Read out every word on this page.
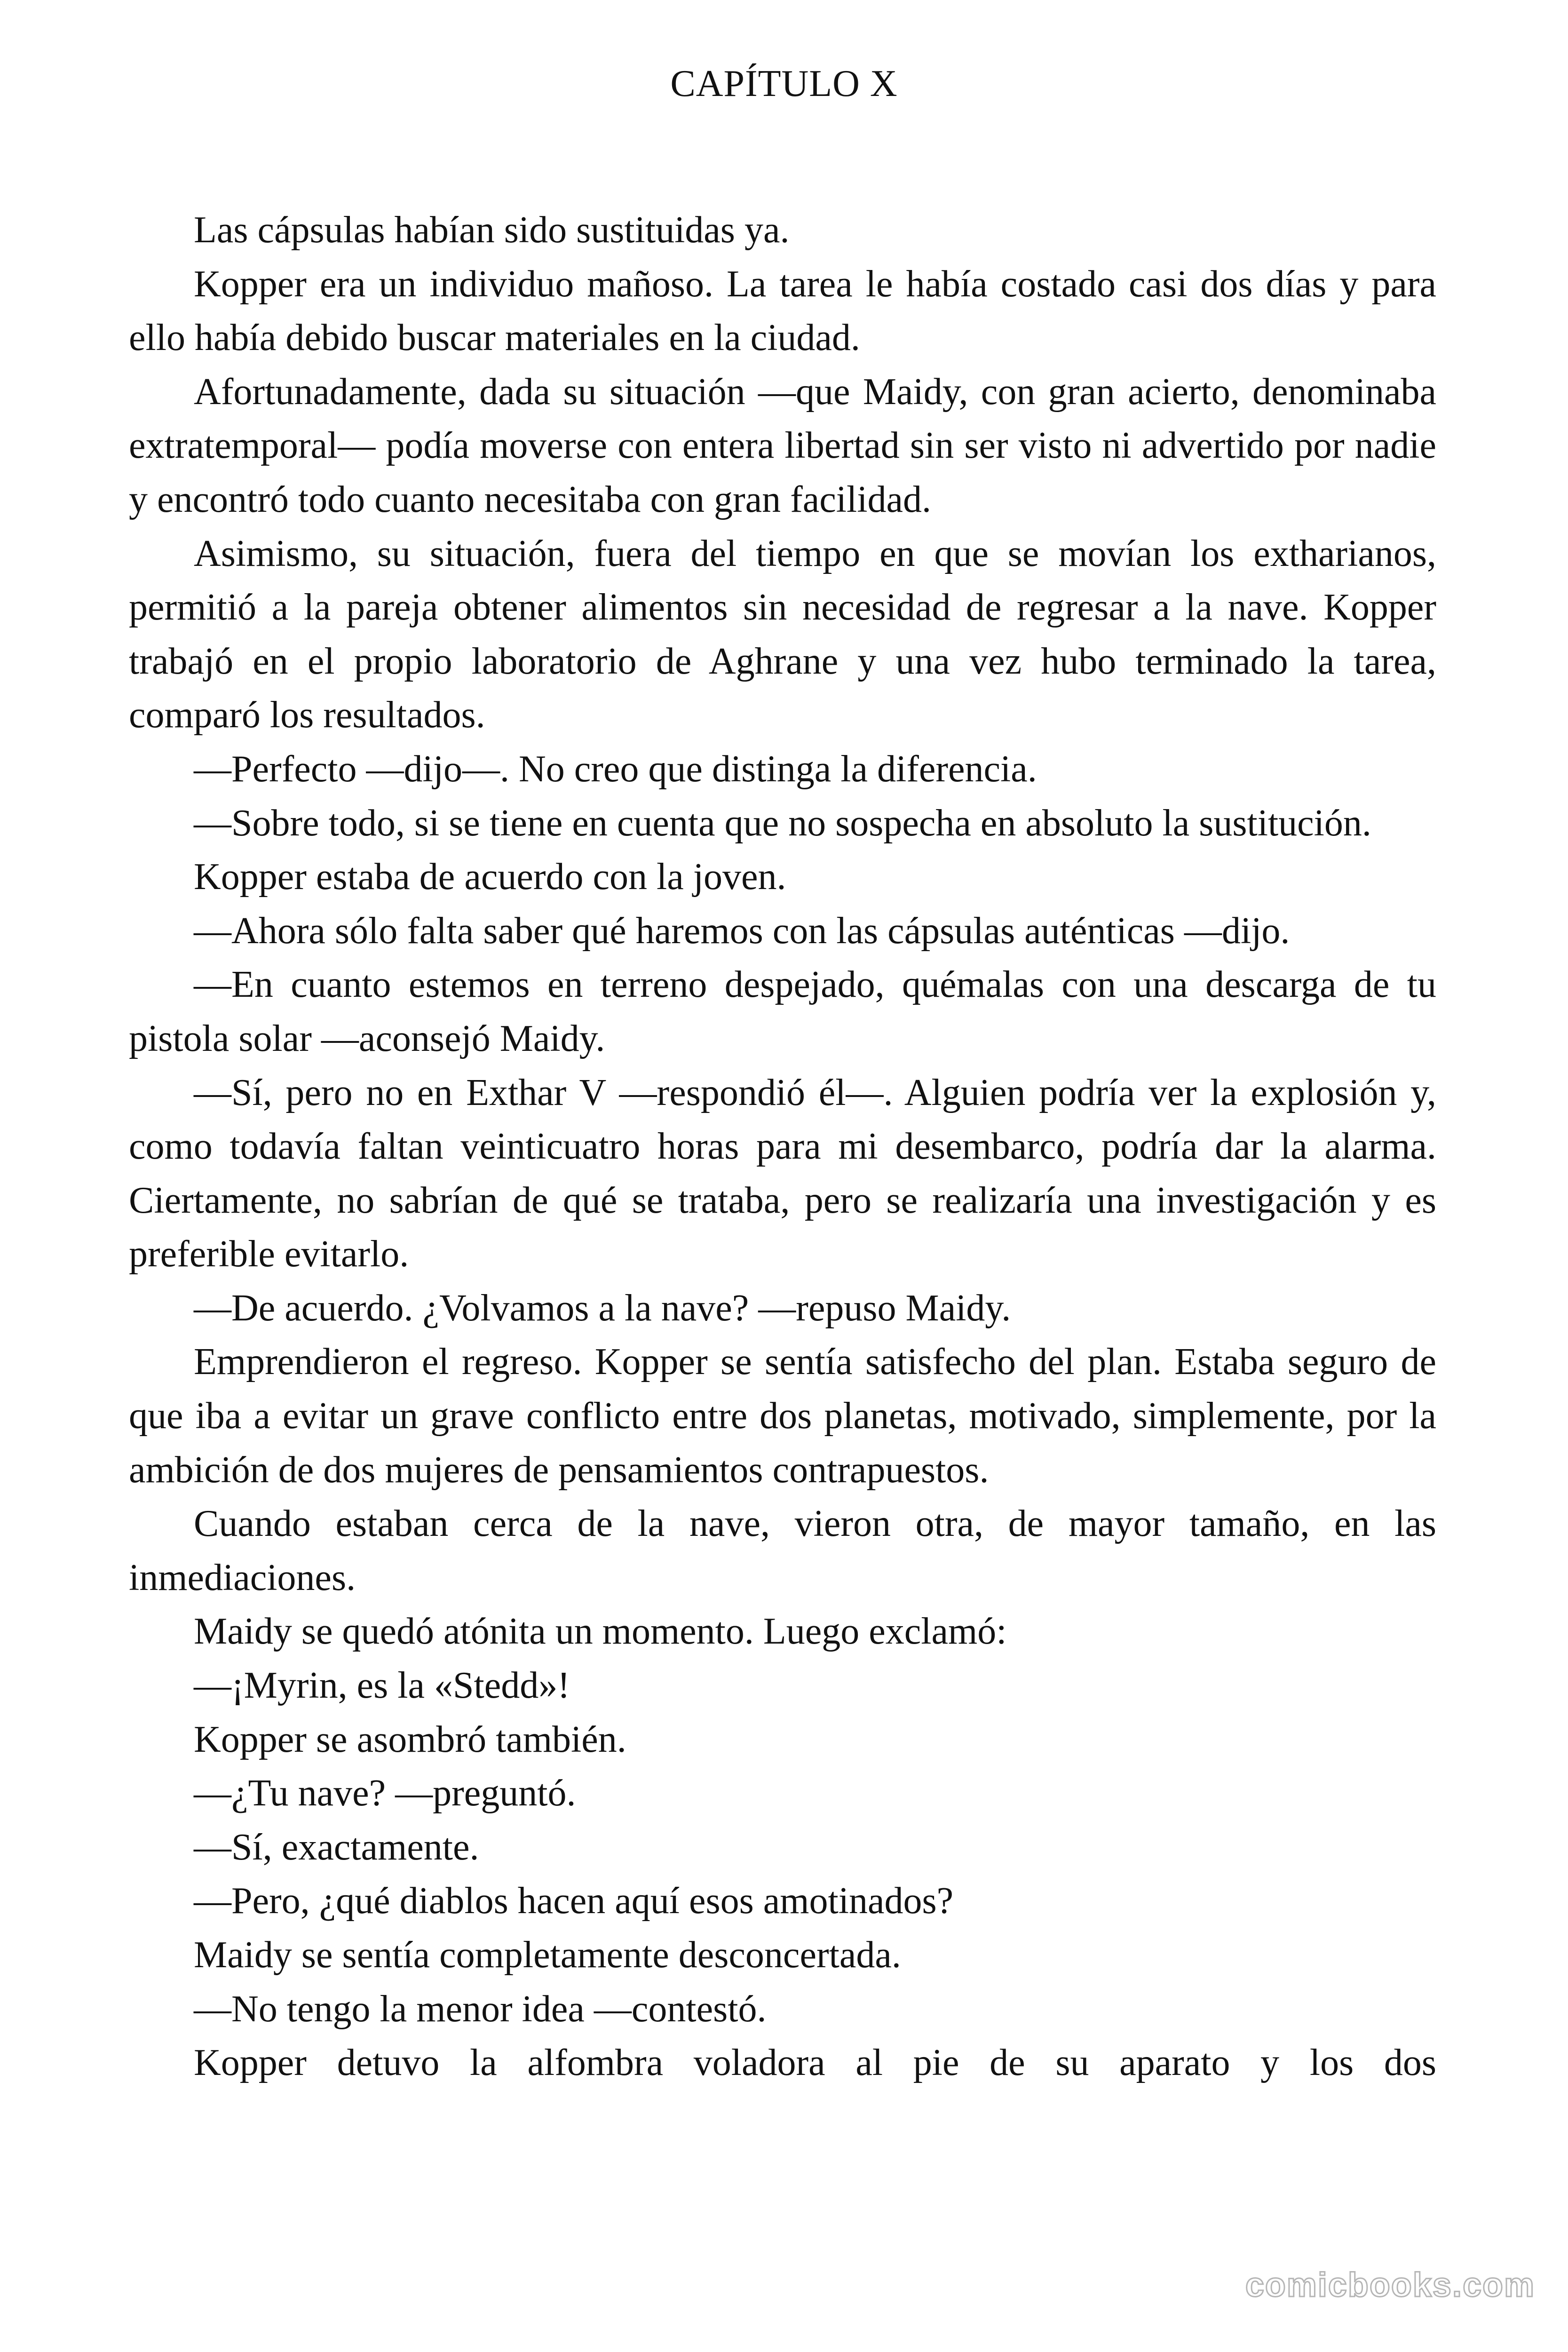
CAPÍTULO X

Las cápsulas habían sido sustituidas ya.

Kopper era un individuo mañoso. La tarea le había costado casi dos días y para ello había debido buscar materiales en la ciudad.

Afortunadamente, dada su situación —que Maidy, con gran acierto, denominaba extratemporal— podía moverse con entera libertad sin ser visto ni advertido por nadie y encontró todo cuanto necesitaba con gran facilidad.

Asimismo, su situación, fuera del tiempo en que se movían los extharianos, permitió a la pareja obtener alimentos sin necesidad de regresar a la nave. Kopper trabajó en el propio laboratorio de Aghrane y una vez hubo terminado la tarea, comparó los resultados.

—Perfecto —dijo—. No creo que distinga la diferencia.

—Sobre todo, si se tiene en cuenta que no sospecha en absoluto la sustitución.

Kopper estaba de acuerdo con la joven.

—Ahora sólo falta saber qué haremos con las cápsulas auténticas —dijo.

—En cuanto estemos en terreno despejado, quémalas con una descarga de tu pistola solar —aconsejó Maidy.

—Sí, pero no en Exthar V —respondió él—. Alguien podría ver la explosión y, como todavía faltan veinticuatro horas para mi desembarco, podría dar la alarma. Ciertamente, no sabrían de qué se trataba, pero se realizaría una investigación y es preferible evitarlo.

—De acuerdo. ¿Volvamos a la nave? —repuso Maidy.

Emprendieron el regreso. Kopper se sentía satisfecho del plan. Estaba seguro de que iba a evitar un grave conflicto entre dos planetas, motivado, simplemente, por la ambición de dos mujeres de pensamientos contrapuestos.

Cuando estaban cerca de la nave, vieron otra, de mayor tamaño, en las inmediaciones.

Maidy se quedó atónita un momento. Luego exclamó:

—¡Myrin, es la «Stedd»!

Kopper se asombró también.

—¿Tu nave? —preguntó.

—Sí, exactamente.

—Pero, ¿qué diablos hacen aquí esos amotinados?

Maidy se sentía completamente desconcertada.

—No tengo la menor idea —contestó.

Kopper detuvo la alfombra voladora al pie de su aparato y los dos

comicbooks.com
